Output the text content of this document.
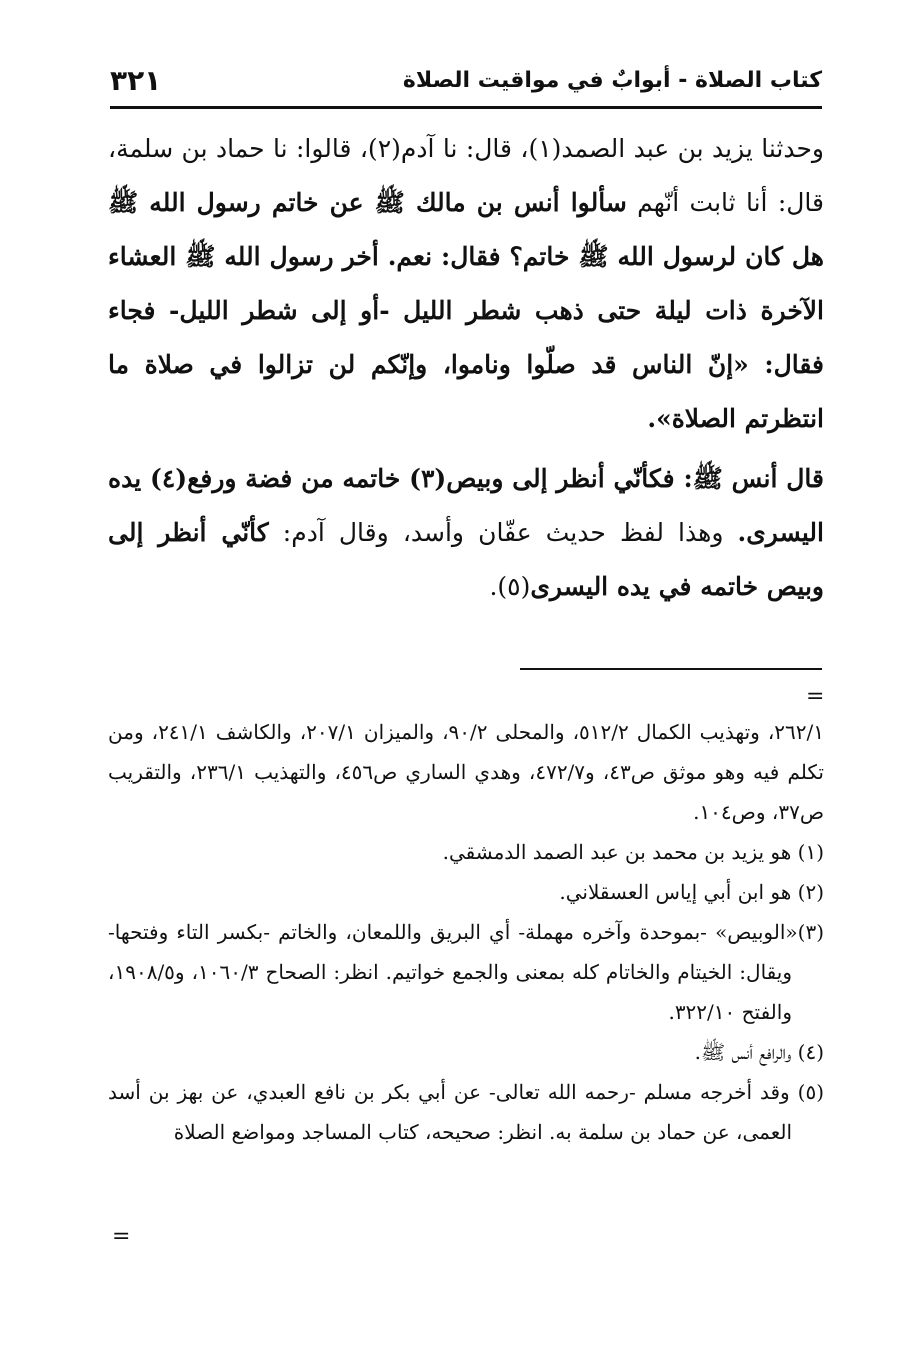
كتاب الصلاة - أبوابٌ في مواقيت الصلاة
٣٢١

وحدثنا يزيد بن عبد الصمد(١)، قال: نا آدم(٢)، قالوا: نا حماد بن سلمة، قال: أنا ثابت أنّهم سألوا أنس بن مالك ﷺ عن خاتم رسول الله ﷺ هل كان لرسول الله ﷺ خاتم؟ فقال: نعم. أخر رسول الله ﷺ العشاء الآخرة ذات ليلة حتى ذهب شطر الليل -أو إلى شطر الليل- فجاء فقال: «إنّ الناس قد صلّوا وناموا، وإنّكم لن تزالوا في صلاة ما انتظرتم الصلاة».

قال أنس ﷺ: فكأنّي أنظر إلى وبيص(٣) خاتمه من فضة ورفع(٤) يده اليسرى. وهذا لفظ حديث عفّان وأسد، وقال آدم: كأنّي أنظر إلى وبيص خاتمه في يده اليسرى(٥).

=

٢٦٢/١، وتهذيب الكمال ٥١٢/٢، والمحلى ٩٠/٢، والميزان ٢٠٧/١، والكاشف ٢٤١/١، ومن تكلم فيه وهو موثق ص٤٣، و٤٧٢/٧، وهدي الساري ص٤٥٦، والتهذيب ٢٣٦/١، والتقريب ص٣٧، وص١٠٤.

(١) هو يزيد بن محمد بن عبد الصمد الدمشقي.

(٢) هو ابن أبي إياس العسقلاني.

(٣)«الوبيص» -بموحدة وآخره مهملة- أي البريق واللمعان، والخاتم -بكسر التاء وفتحها- ويقال: الخيتام والخاتام كله بمعنى والجمع خواتيم. انظر: الصحاح ١٠٦٠/٣، و١٩٠٨/٥، والفتح ٣٢٢/١٠.

(٤) والرافع أنس ﷺ.

(٥) وقد أخرجه مسلم -رحمه الله تعالى- عن أبي بكر بن نافع العبدي، عن بهز بن أسد العمى، عن حماد بن سلمة به. انظر: صحيحه، كتاب المساجد ومواضع الصلاة

=
